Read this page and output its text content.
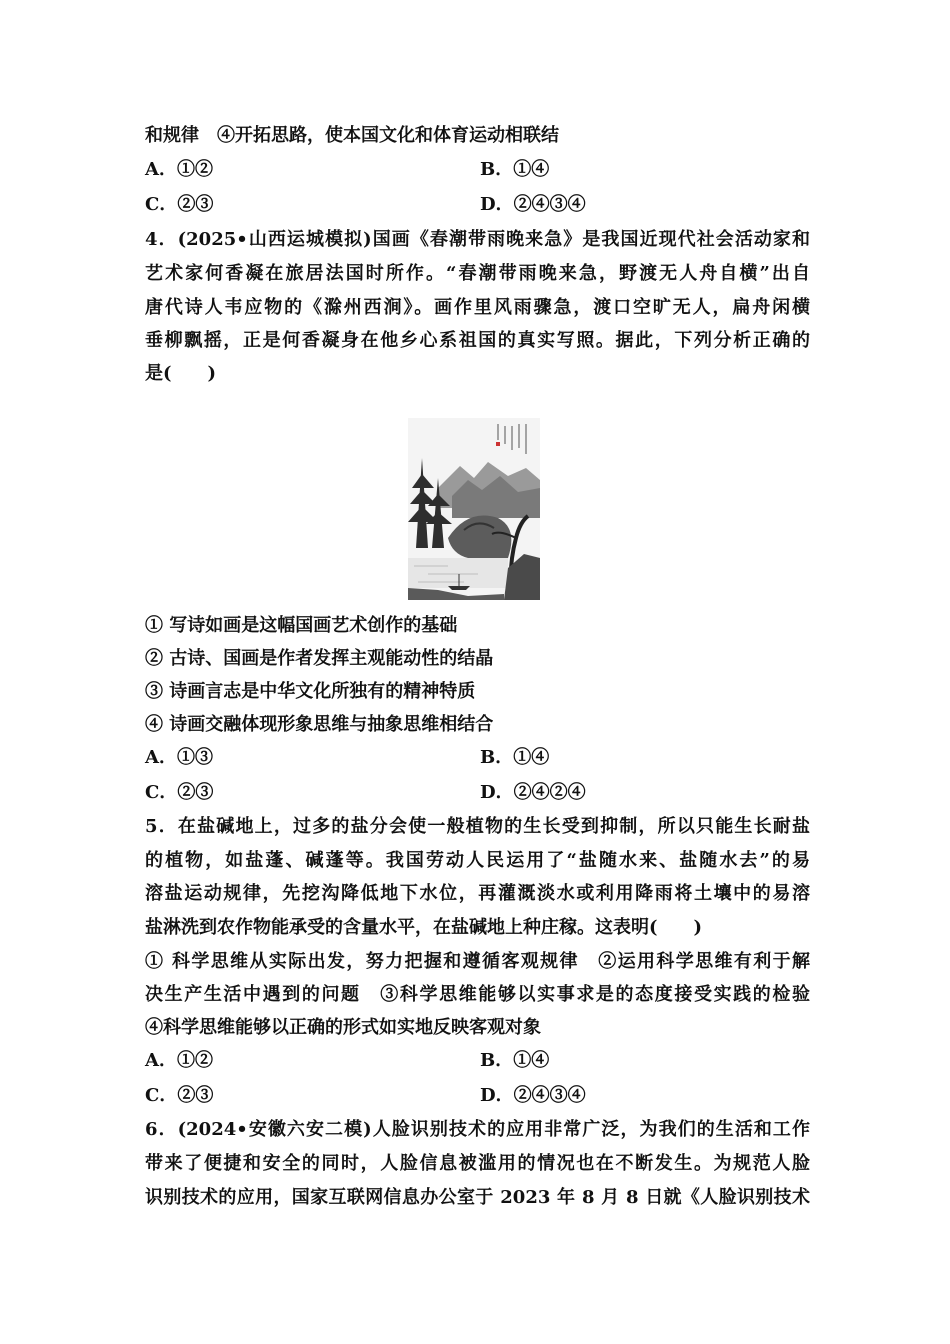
和规律　④开拓思路，使本国文化和体育运动相联结
A．①②	B．①④
C．②③	D．②④③④
4．(2025•山西运城模拟)国画《春潮带雨晚来急》是我国近现代社会活动家和
艺术家何香凝在旅居法国时所作。“春潮带雨晚来急，野渡无人舟自横”出自
唐代诗人韦应物的《滁州西涧》。画作里风雨骤急，渡口空旷无人，扁舟闲横
垂柳飘摇，正是何香凝身在他乡心系祖国的真实写照。据此，下列分析正确的
是(　　)
① 写诗如画是这幅国画艺术创作的基础
② 古诗、国画是作者发挥主观能动性的结晶
③ 诗画言志是中华文化所独有的精神特质
④ 诗画交融体现形象思维与抽象思维相结合
A．①③	B．①④
C．②③	D．②④②④
5．在盐碱地上，过多的盐分会使一般植物的生长受到抑制，所以只能生长耐盐
的植物，如盐蓬、碱蓬等。我国劳动人民运用了“盐随水来、盐随水去”的易
溶盐运动规律，先挖沟降低地下水位，再灌溉淡水或利用降雨将土壤中的易溶
盐淋洗到农作物能承受的含量水平，在盐碱地上种庄稼。这表明(　　)
① 科学思维从实际出发，努力把握和遵循客观规律　②运用科学思维有利于解
决生产生活中遇到的问题　③科学思维能够以实事求是的态度接受实践的检验
④科学思维能够以正确的形式如实地反映客观对象
A．①②	B．①④
C．②③	D．②④③④
6．(2024•安徽六安二模)人脸识别技术的应用非常广泛，为我们的生活和工作
带来了便捷和安全的同时，人脸信息被滥用的情况也在不断发生。为规范人脸
识别技术的应用，国家互联网信息办公室于 2023 年 8 月 8 日就《人脸识别技术
